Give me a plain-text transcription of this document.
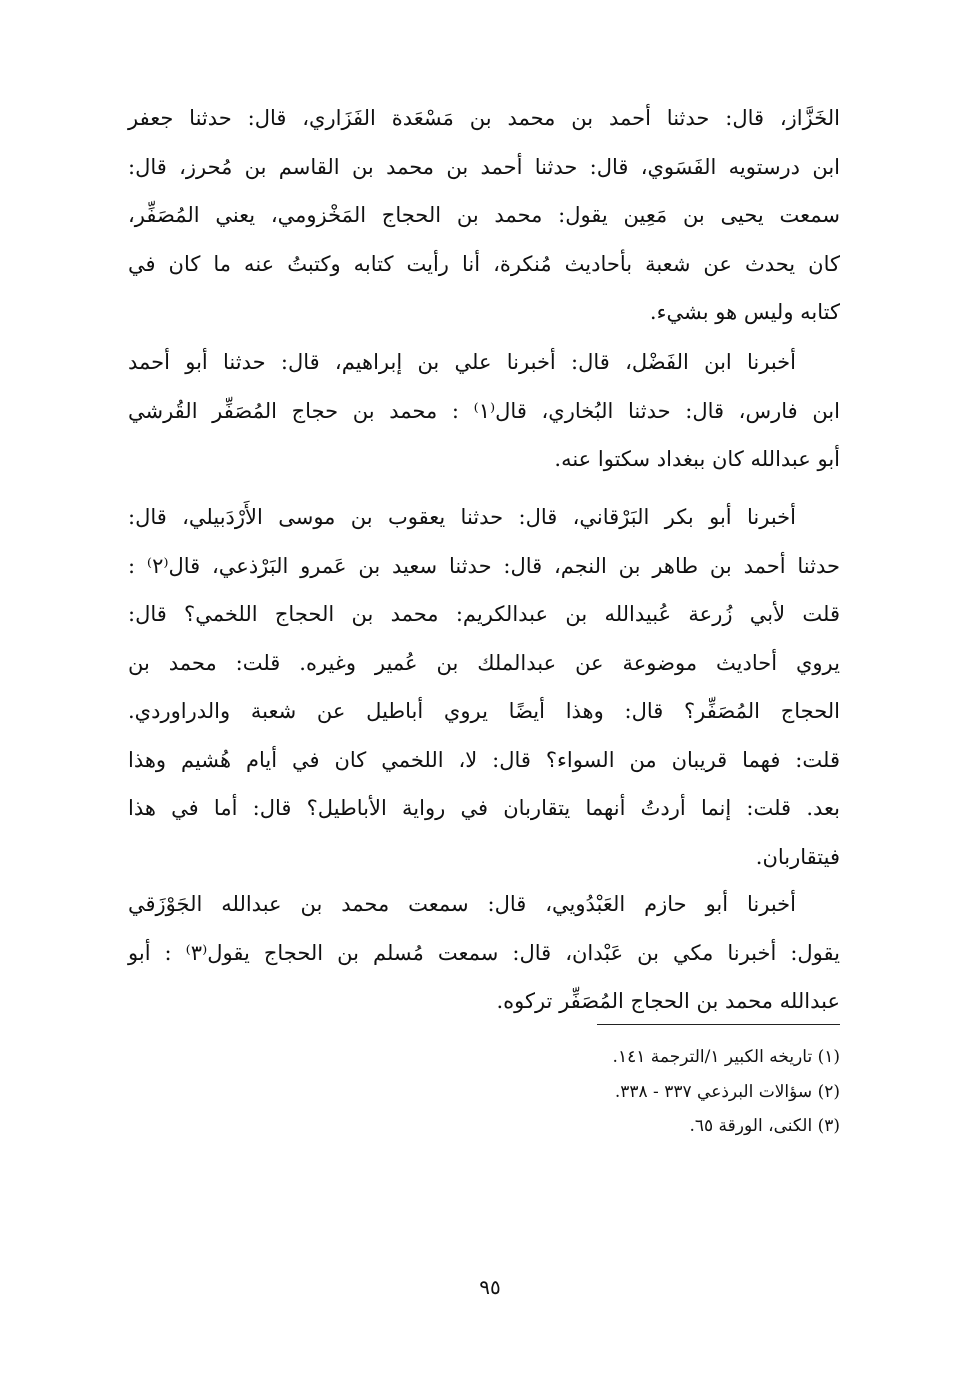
الخَزَّاز، قال: حدثنا أحمد بن محمد بن مَسْعَدة الفَزَاري، قال: حدثنا جعفر
ابن درستويه الفَسَوي، قال: حدثنا أحمد بن محمد بن القاسم بن مُحرز، قال:
سمعت يحيى بن مَعِين يقول: محمد بن الحجاج المَخْزومي، يعني المُصَفِّر،
كان يحدث عن شعبة بأحاديث مُنكرة، أنا رأيت كتابه وكتبتُ عنه ما كان في
كتابه وليس هو بشيء.
أخبرنا ابن الفَضْل، قال: أخبرنا علي بن إبراهيم، قال: حدثنا أبو أحمد
ابن فارس، قال: حدثنا البُخاري، قال⁽١⁾ : محمد بن حجاج المُصَفِّر القُرشي
أبو عبدالله كان ببغداد سكتوا عنه.
أخبرنا أبو بكر البَرْقاني، قال: حدثنا يعقوب بن موسى الأَرْدَبيلي، قال:
حدثنا أحمد بن طاهر بن النجم، قال: حدثنا سعيد بن عَمرو البَرْذعي، قال⁽٢⁾ :
قلت لأبي زُرعة عُبيدالله بن عبدالكريم: محمد بن الحجاج اللخمي؟ قال:
يروي أحاديث موضوعة عن عبدالملك بن عُمير وغيره. قلت: محمد بن
الحجاج المُصَفِّر؟ قال: وهذا أيضًا يروي أباطيل عن شعبة والدراوردي.
قلت: فهما قريبان من السواء؟ قال: لا، اللخمي كان في أيام هُشيم وهذا
بعد. قلت: إنما أردتُ أنهما يتقاربان في رواية الأباطيل؟ قال: أما في هذا
فيتقاربان.
أخبرنا أبو حازم العَبْدُويي، قال: سمعت محمد بن عبدالله الجَوْزَقي
يقول: أخبرنا مكي بن عَبْدان، قال: سمعت مُسلم بن الحجاج يقول⁽٣⁾ : أبو
عبدالله محمد بن الحجاج المُصَفِّر تركوه.
(١) تاريخه الكبير ١/الترجمة ١٤١.
(٢) سؤالات البرذعي ٣٣٧ - ٣٣٨.
(٣) الكنى، الورقة ٦٥.
٩٥
